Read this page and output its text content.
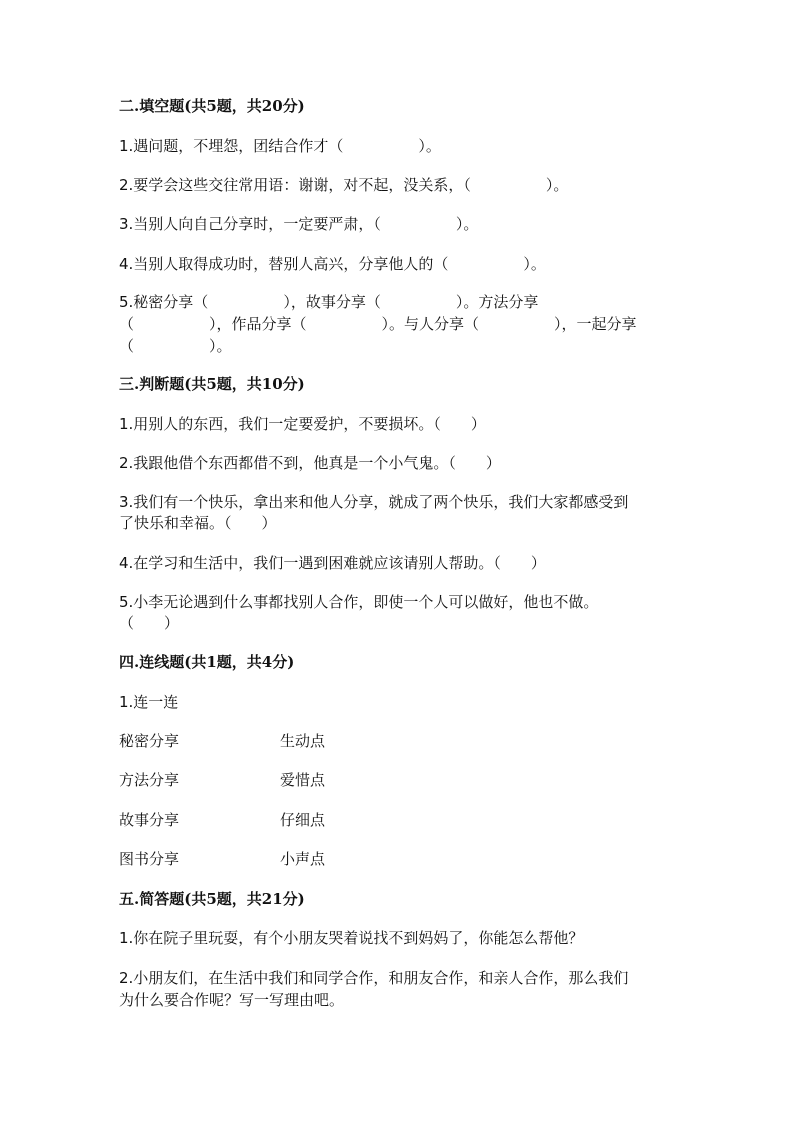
二.填空题(共5题，共20分)
1.遇问题，不埋怨，团结合作才（　　　　　）。
2.要学会这些交往常用语：谢谢，对不起，没关系，（　　　　　）。
3.当别人向自己分享时，一定要严肃，（　　　　　）。
4.当别人取得成功时，替别人高兴，分享他人的（　　　　　）。
5.秘密分享（　　　　　），故事分享（　　　　　）。方法分享
（　　　　　），作品分享（　　　　　）。与人分享（　　　　　），一起分享
（　　　　　）。
三.判断题(共5题，共10分)
1.用别人的东西，我们一定要爱护，不要损坏。（　　）
2.我跟他借个东西都借不到，他真是一个小气鬼。（　　）
3.我们有一个快乐，拿出来和他人分享，就成了两个快乐，我们大家都感受到
了快乐和幸福。（　　）
4.在学习和生活中，我们一遇到困难就应该请别人帮助。（　　）
5.小李无论遇到什么事都找别人合作，即使一个人可以做好，他也不做。
（　　）
四.连线题(共1题，共4分)
1.连一连
秘密分享	生动点
方法分享	爱惜点
故事分享	仔细点
图书分享	小声点
五.简答题(共5题，共21分)
1.你在院子里玩耍，有个小朋友哭着说找不到妈妈了，你能怎么帮他？
2.小朋友们，在生活中我们和同学合作，和朋友合作，和亲人合作，那么我们
为什么要合作呢？写一写理由吧。
